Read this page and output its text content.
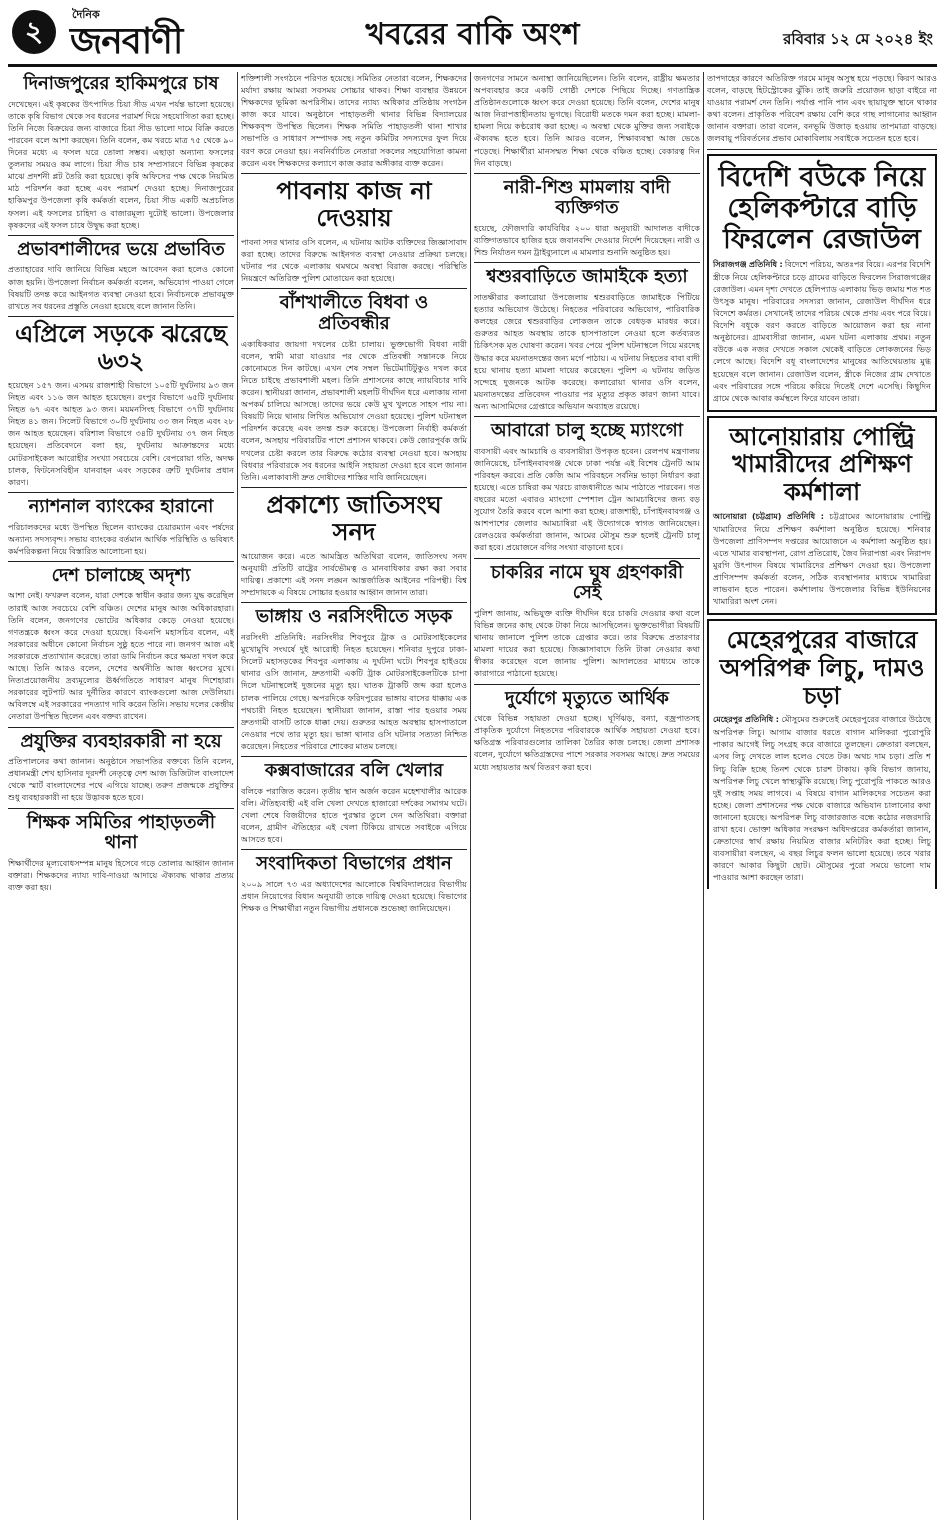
২
দৈনিক
জনবাণী	খবরের বাকি অংশ	রবিবার ১২ মে ২০২৪ ইং
দিনাজপুরের হাকিমপুরে চাষ
দেখেছেন। এই কৃষকের উৎপাদিত চিয়া সীড এখন পর্যন্ত ভালো হয়েছে। তাকে কৃষি বিভাগ থেকে সব ধরনের পরামর্শ দিয়ে সহযোগিতা করা হচ্ছে। তিনি নিজে বিক্রয়ের জন্য বাজারে চিয়া সীড ভালো দামে বিক্রি করতে পারবেন বলে আশা করছেন। তিনি বলেন, কম খরচে মাত্র ৭৫ থেকে ৯০ দিনের মধ্যে এ ফসল ঘরে তোলা সম্ভব। এছাড়া অন্যান্য ফসলের তুলনায় সময়ও কম লাগে। চিয়া সীড চাষ সম্প্রসারণে বিভিন্ন কৃষকের মাঝে প্রদর্শনী প্লট তৈরি করা হয়েছে। কৃষি অফিসের পক্ষ থেকে নিয়মিত মাঠ পরিদর্শন করা হচ্ছে এবং পরামর্শ দেওয়া হচ্ছে। দিনাজপুরের হাকিমপুর উপজেলা কৃষি কর্মকর্তা বলেন, চিয়া সীড একটি অপ্রচলিত ফসল। এই ফসলের চাহিদা ও বাজারমূল্য দুটোই ভালো। উপজেলার কৃষকদের এই ফসল চাষে উদ্বুদ্ধ করা হচ্ছে।
প্রভাবশালীদের ভয়ে প্রভাবিত
প্রত্যাহারের দাবি জানিয়ে বিভিন্ন মহলে আবেদন করা হলেও কোনো কাজ হয়নি। উপজেলা নির্বাচন কর্মকর্তা বলেন, অভিযোগ পাওয়া গেলে বিষয়টি তদন্ত করে আইনগত ব্যবস্থা নেওয়া হবে। নির্বাচনকে প্রভাবমুক্ত রাখতে সব ধরনের প্রস্তুতি নেওয়া হয়েছে বলে জানান তিনি।
এপ্রিলে সড়কে ঝরেছে ৬৩২
হয়েছেন ১৫৭ জন। এসময় রাজশাহী বিভাগে ১০৫টি দুর্ঘটনায় ৯৩ জন নিহত এবং ১১৬ জন আহত হয়েছেন। রংপুর বিভাগে ৬৫টি দুর্ঘটনায় নিহত ৬৭ এবং আহত ৯৩ জন। ময়মনসিংহ বিভাগে ৩৭টি দুর্ঘটনায় নিহত ৪১ জন। সিলেট বিভাগে ৩০টি দুর্ঘটনায় ৩৩ জন নিহত এবং ২৮ জন আহত হয়েছেন। বরিশাল বিভাগে ৩৪টি দুর্ঘটনায় ৩৭ জন নিহত হয়েছেন। প্রতিবেদনে বলা হয়, দুর্ঘটনায় আক্রান্তদের মধ্যে মোটরসাইকেল আরোহীর সংখ্যা সবচেয়ে বেশি। বেপরোয়া গতি, অদক্ষ চালক, ফিটনেসবিহীন যানবাহন এবং সড়কের ত্রুটি দুর্ঘটনার প্রধান কারণ।
ন্যাশনাল ব্যাংকের হারানো
পরিচালকদের মধ্যে উপস্থিত ছিলেন ব্যাংকের চেয়ারম্যান এবং পর্ষদের অন্যান্য সদস্যবৃন্দ। সভায় ব্যাংকের বর্তমান আর্থিক পরিস্থিতি ও ভবিষ্যৎ কর্মপরিকল্পনা নিয়ে বিস্তারিত আলোচনা হয়।
দেশ চালাচ্ছে অদৃশ্য
আশা নেই। ফখরুল বলেন, যারা দেশকে স্বাধীন করার জন্য যুদ্ধ করেছিল তারাই আজ সবচেয়ে বেশি বঞ্চিত। দেশের মানুষ আজ অধিকারহারা। তিনি বলেন, জনগণের ভোটের অধিকার কেড়ে নেওয়া হয়েছে। গণতন্ত্রকে ধ্বংস করে দেওয়া হয়েছে। বিএনপি মহাসচিব বলেন, এই সরকারের অধীনে কোনো নির্বাচন সুষ্ঠু হতে পারে না। জনগণ আজ এই সরকারকে প্রত্যাখ্যান করেছে। তারা ডামি নির্বাচন করে ক্ষমতা দখল করে আছে। তিনি আরও বলেন, দেশের অর্থনীতি আজ ধ্বংসের মুখে। নিত্যপ্রয়োজনীয় দ্রব্যমূল্যের ঊর্ধ্বগতিতে সাধারণ মানুষ দিশেহারা। সরকারের লুটপাট আর দুর্নীতির কারণে ব্যাংকগুলো আজ দেউলিয়া। অবিলম্বে এই সরকারের পদত্যাগ দাবি করেন তিনি। সভায় দলের কেন্দ্রীয় নেতারা উপস্থিত ছিলেন এবং বক্তব্য রাখেন।
প্রযুক্তির ব্যবহারকারী না হয়ে
প্রতিপালনের কথা জানান। অনুষ্ঠানে সভাপতির বক্তব্যে তিনি বলেন, প্রধানমন্ত্রী শেখ হাসিনার দূরদর্শী নেতৃত্বে দেশ আজ ডিজিটাল বাংলাদেশ থেকে স্মার্ট বাংলাদেশের পথে এগিয়ে যাচ্ছে। তরুণ প্রজন্মকে প্রযুক্তির শুধু ব্যবহারকারী না হয়ে উদ্ভাবক হতে হবে।
শিক্ষক সমিতির পাহাড়তলী থানা
শিক্ষার্থীদের মূল্যবোধসম্পন্ন মানুষ হিসেবে গড়ে তোলার আহ্বান জানান বক্তারা। শিক্ষকদের ন্যায্য দাবি-দাওয়া আদায়ে ঐক্যবদ্ধ থাকার প্রত্যয় ব্যক্ত করা হয়।
শক্তিশালী সংগঠনে পরিণত হয়েছে। সমিতির নেতারা বলেন, শিক্ষকদের মর্যাদা রক্ষায় আমরা সবসময় সোচ্চার থাকব। শিক্ষা ব্যবস্থার উন্নয়নে শিক্ষকদের ভূমিকা অপরিসীম। তাদের ন্যায্য অধিকার প্রতিষ্ঠায় সংগঠন কাজ করে যাবে। অনুষ্ঠানে পাহাড়তলী থানার বিভিন্ন বিদ্যালয়ের শিক্ষকবৃন্দ উপস্থিত ছিলেন। শিক্ষক সমিতি পাহাড়তলী থানা শাখার সভাপতি ও সাধারণ সম্পাদক সহ নতুন কমিটির সদস্যদের ফুল দিয়ে বরণ করে নেওয়া হয়। নবনির্বাচিত নেতারা সকলের সহযোগিতা কামনা করেন এবং শিক্ষকদের কল্যাণে কাজ করার অঙ্গীকার ব্যক্ত করেন।
পাবনায় কাজ না দেওয়ায়
পাবনা সদর থানার ওসি বলেন, এ ঘটনায় আটক ব্যক্তিদের জিজ্ঞাসাবাদ করা হচ্ছে। তাদের বিরুদ্ধে আইনগত ব্যবস্থা নেওয়ার প্রক্রিয়া চলছে। ঘটনার পর থেকে এলাকায় থমথমে অবস্থা বিরাজ করছে। পরিস্থিতি নিয়ন্ত্রণে অতিরিক্ত পুলিশ মোতায়েন করা হয়েছে।
বাঁশখালীতে বিধবা ও প্রতিবন্ধীর
একাধিকবার জায়গা দখলের চেষ্টা চালায়। ভুক্তভোগী বিধবা নারী বলেন, স্বামী মারা যাওয়ার পর থেকে প্রতিবন্ধী সন্তানকে নিয়ে কোনোমতে দিন কাটছে। এখন শেষ সম্বল ভিটেমাটিটুকুও দখল করে নিতে চাইছে প্রভাবশালী মহল। তিনি প্রশাসনের কাছে ন্যায়বিচার দাবি করেন। স্থানীয়রা জানান, প্রভাবশালী মহলটি দীর্ঘদিন ধরে এলাকায় নানা অপকর্ম চালিয়ে আসছে। তাদের ভয়ে কেউ মুখ খুলতে সাহস পায় না। বিষয়টি নিয়ে থানায় লিখিত অভিযোগ দেওয়া হয়েছে। পুলিশ ঘটনাস্থল পরিদর্শন করেছে এবং তদন্ত শুরু করেছে। উপজেলা নির্বাহী কর্মকর্তা বলেন, অসহায় পরিবারটির পাশে প্রশাসন থাকবে। কেউ জোরপূর্বক জমি দখলের চেষ্টা করলে তার বিরুদ্ধে কঠোর ব্যবস্থা নেওয়া হবে। অসহায় বিধবার পরিবারকে সব ধরনের আইনি সহায়তা দেওয়া হবে বলে জানান তিনি। এলাকাবাসী দ্রুত দোষীদের শাস্তির দাবি জানিয়েছেন।
প্রকাশ্যে জাতিসংঘ সনদ
আয়োজন করে। এতে আমন্ত্রিত অতিথিরা বলেন, জাতিসংঘ সনদ অনুযায়ী প্রতিটি রাষ্ট্রের সার্বভৌমত্ব ও মানবাধিকার রক্ষা করা সবার দায়িত্ব। প্রকাশ্যে এই সনদ লঙ্ঘন আন্তর্জাতিক আইনের পরিপন্থী। বিশ্ব সম্প্রদায়কে এ বিষয়ে সোচ্চার হওয়ার আহ্বান জানান তারা।
ভাঙ্গায় ও নরসিংদীতে সড়ক
নরসিংদী প্রতিনিধি: নরসিংদীর শিবপুরে ট্রাক ও মোটরসাইকেলের মুখোমুখি সংঘর্ষে দুই আরোহী নিহত হয়েছেন। শনিবার দুপুরে ঢাকা-সিলেট মহাসড়কের শিবপুর এলাকায় এ দুর্ঘটনা ঘটে। শিবপুর হাইওয়ে থানার ওসি জানান, দ্রুতগামী একটি ট্রাক মোটরসাইকেলটিকে চাপা দিলে ঘটনাস্থলেই দুজনের মৃত্যু হয়। ঘাতক ট্রাকটি জব্দ করা হলেও চালক পালিয়ে গেছে। অপরদিকে ফরিদপুরের ভাঙ্গায় বাসের ধাক্কায় এক পথচারী নিহত হয়েছেন। স্থানীয়রা জানান, রাস্তা পার হওয়ার সময় দ্রুতগামী বাসটি তাকে ধাক্কা দেয়। গুরুতর আহত অবস্থায় হাসপাতালে নেওয়ার পথে তার মৃত্যু হয়। ভাঙ্গা থানার ওসি ঘটনার সত্যতা নিশ্চিত করেছেন। নিহতের পরিবারে শোকের মাতম চলছে।
কক্সবাজারের বলি খেলার
বলিকে পরাজিত করেন। তৃতীয় স্থান অর্জন করেন মহেশখালীর আরেক বলি। ঐতিহ্যবাহী এই বলি খেলা দেখতে হাজারো দর্শকের সমাগম ঘটে। খেলা শেষে বিজয়ীদের হাতে পুরস্কার তুলে দেন অতিথিরা। বক্তারা বলেন, গ্রামীণ ঐতিহ্যের এই খেলা টিকিয়ে রাখতে সবাইকে এগিয়ে আসতে হবে।
সংবাদিকতা বিভাগের প্রধান
২০০৯ সালে ৭৩ এর অধ্যাদেশের আলোকে বিশ্ববিদ্যালয়ের বিভাগীয় প্রধান নিয়োগের বিধান অনুযায়ী তাকে দায়িত্ব দেওয়া হয়েছে। বিভাগের শিক্ষক ও শিক্ষার্থীরা নতুন বিভাগীয় প্রধানকে শুভেচ্ছা জানিয়েছেন।
জনগণের সামনে অনাস্থা জানিয়েছিলেন। তিনি বলেন, রাষ্ট্রীয় ক্ষমতার অপব্যবহার করে একটি গোষ্ঠী দেশকে পিছিয়ে দিচ্ছে। গণতান্ত্রিক প্রতিষ্ঠানগুলোকে ধ্বংস করে দেওয়া হয়েছে। তিনি বলেন, দেশের মানুষ আজ নিরাপত্তাহীনতায় ভুগছে। বিরোধী মতকে দমন করা হচ্ছে। মামলা-হামলা দিয়ে কণ্ঠরোধ করা হচ্ছে। এ অবস্থা থেকে মুক্তির জন্য সবাইকে ঐক্যবদ্ধ হতে হবে। তিনি আরও বলেন, শিক্ষাব্যবস্থা আজ ভেঙে পড়েছে। শিক্ষার্থীরা মানসম্মত শিক্ষা থেকে বঞ্চিত হচ্ছে। বেকারত্ব দিন দিন বাড়ছে।
নারী-শিশু মামলায় বাদী ব্যক্তিগত
হয়েছে, ফৌজদারি কার্যবিধির ২০০ ধারা অনুযায়ী আদালত বাদীকে ব্যক্তিগতভাবে হাজির হয়ে জবানবন্দি দেওয়ার নির্দেশ দিয়েছেন। নারী ও শিশু নির্যাতন দমন ট্রাইব্যুনালে এ মামলার শুনানি অনুষ্ঠিত হয়।
শ্বশুরবাড়িতে জামাইকে হত্যা
সাতক্ষীরার কলারোয়া উপজেলায় শ্বশুরবাড়িতে জামাইকে পিটিয়ে হত্যার অভিযোগ উঠেছে। নিহতের পরিবারের অভিযোগ, পারিবারিক কলহের জেরে শ্বশুরবাড়ির লোকজন তাকে বেধড়ক মারধর করে। গুরুতর আহত অবস্থায় তাকে হাসপাতালে নেওয়া হলে কর্তব্যরত চিকিৎসক মৃত ঘোষণা করেন। খবর পেয়ে পুলিশ ঘটনাস্থলে গিয়ে মরদেহ উদ্ধার করে ময়নাতদন্তের জন্য মর্গে পাঠায়। এ ঘটনায় নিহতের বাবা বাদী হয়ে থানায় হত্যা মামলা দায়ের করেছেন। পুলিশ এ ঘটনায় জড়িত সন্দেহে দুজনকে আটক করেছে। কলারোয়া থানার ওসি বলেন, ময়নাতদন্তের প্রতিবেদন পাওয়ার পর মৃত্যুর প্রকৃত কারণ জানা যাবে। অন্য আসামিদের গ্রেপ্তারে অভিযান অব্যাহত রয়েছে।
আবারো চালু হচ্ছে ম্যাংগো
ব্যবসায়ী এবং আমচাষি ও ব্যবসায়ীরা উপকৃত হবেন। রেলপথ মন্ত্রণালয় জানিয়েছে, চাঁপাইনবাবগঞ্জ থেকে ঢাকা পর্যন্ত এই বিশেষ ট্রেনটি আম পরিবহন করবে। প্রতি কেজি আম পরিবহনে সর্বনিম্ন ভাড়া নির্ধারণ করা হয়েছে। এতে চাষিরা কম খরচে রাজধানীতে আম পাঠাতে পারবেন। গত বছরের মতো এবারও ম্যাংগো স্পেশাল ট্রেন আমচাষিদের জন্য বড় সুযোগ তৈরি করবে বলে আশা করা হচ্ছে। রাজশাহী, চাঁপাইনবাবগঞ্জ ও আশপাশের জেলার আমচাষিরা এই উদ্যোগকে স্বাগত জানিয়েছেন। রেলওয়ের কর্মকর্তারা জানান, আমের মৌসুম শুরু হলেই ট্রেনটি চালু করা হবে। প্রয়োজনে বগির সংখ্যা বাড়ানো হবে।
চাকরির নামে ঘুষ গ্রহণকারী সেই
পুলিশ জানায়, অভিযুক্ত ব্যক্তি দীর্ঘদিন ধরে চাকরি দেওয়ার কথা বলে বিভিন্ন জনের কাছ থেকে টাকা নিয়ে আসছিলেন। ভুক্তভোগীরা বিষয়টি থানায় জানালে পুলিশ তাকে গ্রেপ্তার করে। তার বিরুদ্ধে প্রতারণার মামলা দায়ের করা হয়েছে। জিজ্ঞাসাবাদে তিনি টাকা নেওয়ার কথা স্বীকার করেছেন বলে জানায় পুলিশ। আদালতের মাধ্যমে তাকে কারাগারে পাঠানো হয়েছে।
দুর্যোগে মৃত্যুতে আর্থিক
থেকে বিভিন্ন সহায়তা দেওয়া হচ্ছে। ঘূর্ণিঝড়, বন্যা, বজ্রপাতসহ প্রাকৃতিক দুর্যোগে নিহতদের পরিবারকে আর্থিক সহায়তা দেওয়া হবে। ক্ষতিগ্রস্ত পরিবারগুলোর তালিকা তৈরির কাজ চলছে। জেলা প্রশাসক বলেন, দুর্যোগে ক্ষতিগ্রস্তদের পাশে সরকার সবসময় আছে। দ্রুত সময়ের মধ্যে সহায়তার অর্থ বিতরণ করা হবে।
তাপদাহের কারণে অতিরিক্ত গরমে মানুষ অসুস্থ হয়ে পড়ছে। কিরণ আরও বলেন, বাড়ছে হিটস্ট্রোকের ঝুঁকি। তাই জরুরি প্রয়োজন ছাড়া বাইরে না যাওয়ার পরামর্শ দেন তিনি। পর্যাপ্ত পানি পান এবং ছায়াযুক্ত স্থানে থাকার কথা বলেন। প্রাকৃতিক পরিবেশ রক্ষায় বেশি করে গাছ লাগানোর আহ্বান জানান বক্তারা। তারা বলেন, বনভূমি উজাড় হওয়ায় তাপমাত্রা বাড়ছে। জলবায়ু পরিবর্তনের প্রভাব মোকাবিলায় সবাইকে সচেতন হতে হবে।
বিদেশি বউকে নিয়ে হেলিকপ্টারে বাড়ি ফিরলেন রেজাউল
সিরাজগঞ্জ প্রতিনিধি : বিদেশে পরিচয়, অতঃপর বিয়ে। এরপর বিদেশি স্ত্রীকে নিয়ে হেলিকপ্টারে চড়ে গ্রামের বাড়িতে ফিরলেন সিরাজগঞ্জের রেজাউল। এমন দৃশ্য দেখতে হেলিপ্যাড এলাকায় ভিড় জমায় শত শত উৎসুক মানুষ। পরিবারের সদস্যরা জানান, রেজাউল দীর্ঘদিন ধরে বিদেশে কর্মরত। সেখানেই তাদের পরিচয় থেকে প্রণয় এবং পরে বিয়ে। বিদেশি বধূকে বরণ করতে বাড়িতে আয়োজন করা হয় নানা অনুষ্ঠানের। গ্রামবাসীরা জানান, এমন ঘটনা এলাকায় প্রথম। নতুন বউকে এক নজর দেখতে সকাল থেকেই বাড়িতে লোকজনের ভিড় লেগে আছে। বিদেশি বধূ বাংলাদেশের মানুষের আতিথেয়তায় মুগ্ধ হয়েছেন বলে জানান। রেজাউল বলেন, স্ত্রীকে নিজের গ্রাম দেখাতে এবং পরিবারের সঙ্গে পরিচয় করিয়ে দিতেই দেশে এসেছি। কিছুদিন গ্রামে থেকে আবার কর্মস্থলে ফিরে যাবেন তারা।
আনোয়ারায় পোল্ট্রি খামারীদের প্রশিক্ষণ কর্মশালা
আনোয়ারা (চট্টগ্রাম) প্রতিনিধি : চট্টগ্রামের আনোয়ারায় পোল্ট্রি খামারিদের নিয়ে প্রশিক্ষণ কর্মশালা অনুষ্ঠিত হয়েছে। শনিবার উপজেলা প্রাণিসম্পদ দপ্তরের আয়োজনে এ কর্মশালা অনুষ্ঠিত হয়। এতে খামার ব্যবস্থাপনা, রোগ প্রতিরোধ, জৈব নিরাপত্তা এবং নিরাপদ মুরগি উৎপাদন বিষয়ে খামারিদের প্রশিক্ষণ দেওয়া হয়। উপজেলা প্রাণিসম্পদ কর্মকর্তা বলেন, সঠিক ব্যবস্থাপনার মাধ্যমে খামারিরা লাভবান হতে পারেন। কর্মশালায় উপজেলার বিভিন্ন ইউনিয়নের খামারিরা অংশ নেন।
মেহেরপুরের বাজারে অপরিপক্ব লিচু, দামও চড়া
মেহেরপুর প্রতিনিধি : মৌসুমের শুরুতেই মেহেরপুরের বাজারে উঠেছে অপরিপক্ব লিচু। আগাম বাজার ধরতে বাগান মালিকরা পুরোপুরি পাকার আগেই লিচু সংগ্রহ করে বাজারে তুলছেন। ক্রেতারা বলছেন, এসব লিচু দেখতে লাল হলেও খেতে টক। অথচ দাম চড়া। প্রতি শ লিচু বিক্রি হচ্ছে তিনশ থেকে চারশ টাকায়। কৃষি বিভাগ জানায়, অপরিপক্ব লিচু খেলে স্বাস্থ্যঝুঁকি রয়েছে। লিচু পুরোপুরি পাকতে আরও দুই সপ্তাহ সময় লাগবে। এ বিষয়ে বাগান মালিকদের সচেতন করা হচ্ছে। জেলা প্রশাসনের পক্ষ থেকে বাজারে অভিযান চালানোর কথা জানানো হয়েছে। অপরিপক্ব লিচু বাজারজাত বন্ধে কঠোর নজরদারি রাখা হবে। ভোক্তা অধিকার সংরক্ষণ অধিদপ্তরের কর্মকর্তারা জানান, ক্রেতাদের স্বার্থ রক্ষায় নিয়মিত বাজার মনিটরিং করা হচ্ছে। লিচু ব্যবসায়ীরা বলছেন, এ বছর লিচুর ফলন ভালো হয়েছে। তবে খরার কারণে আকার কিছুটা ছোট। মৌসুমের পুরো সময়ে ভালো দাম পাওয়ার আশা করছেন তারা।
